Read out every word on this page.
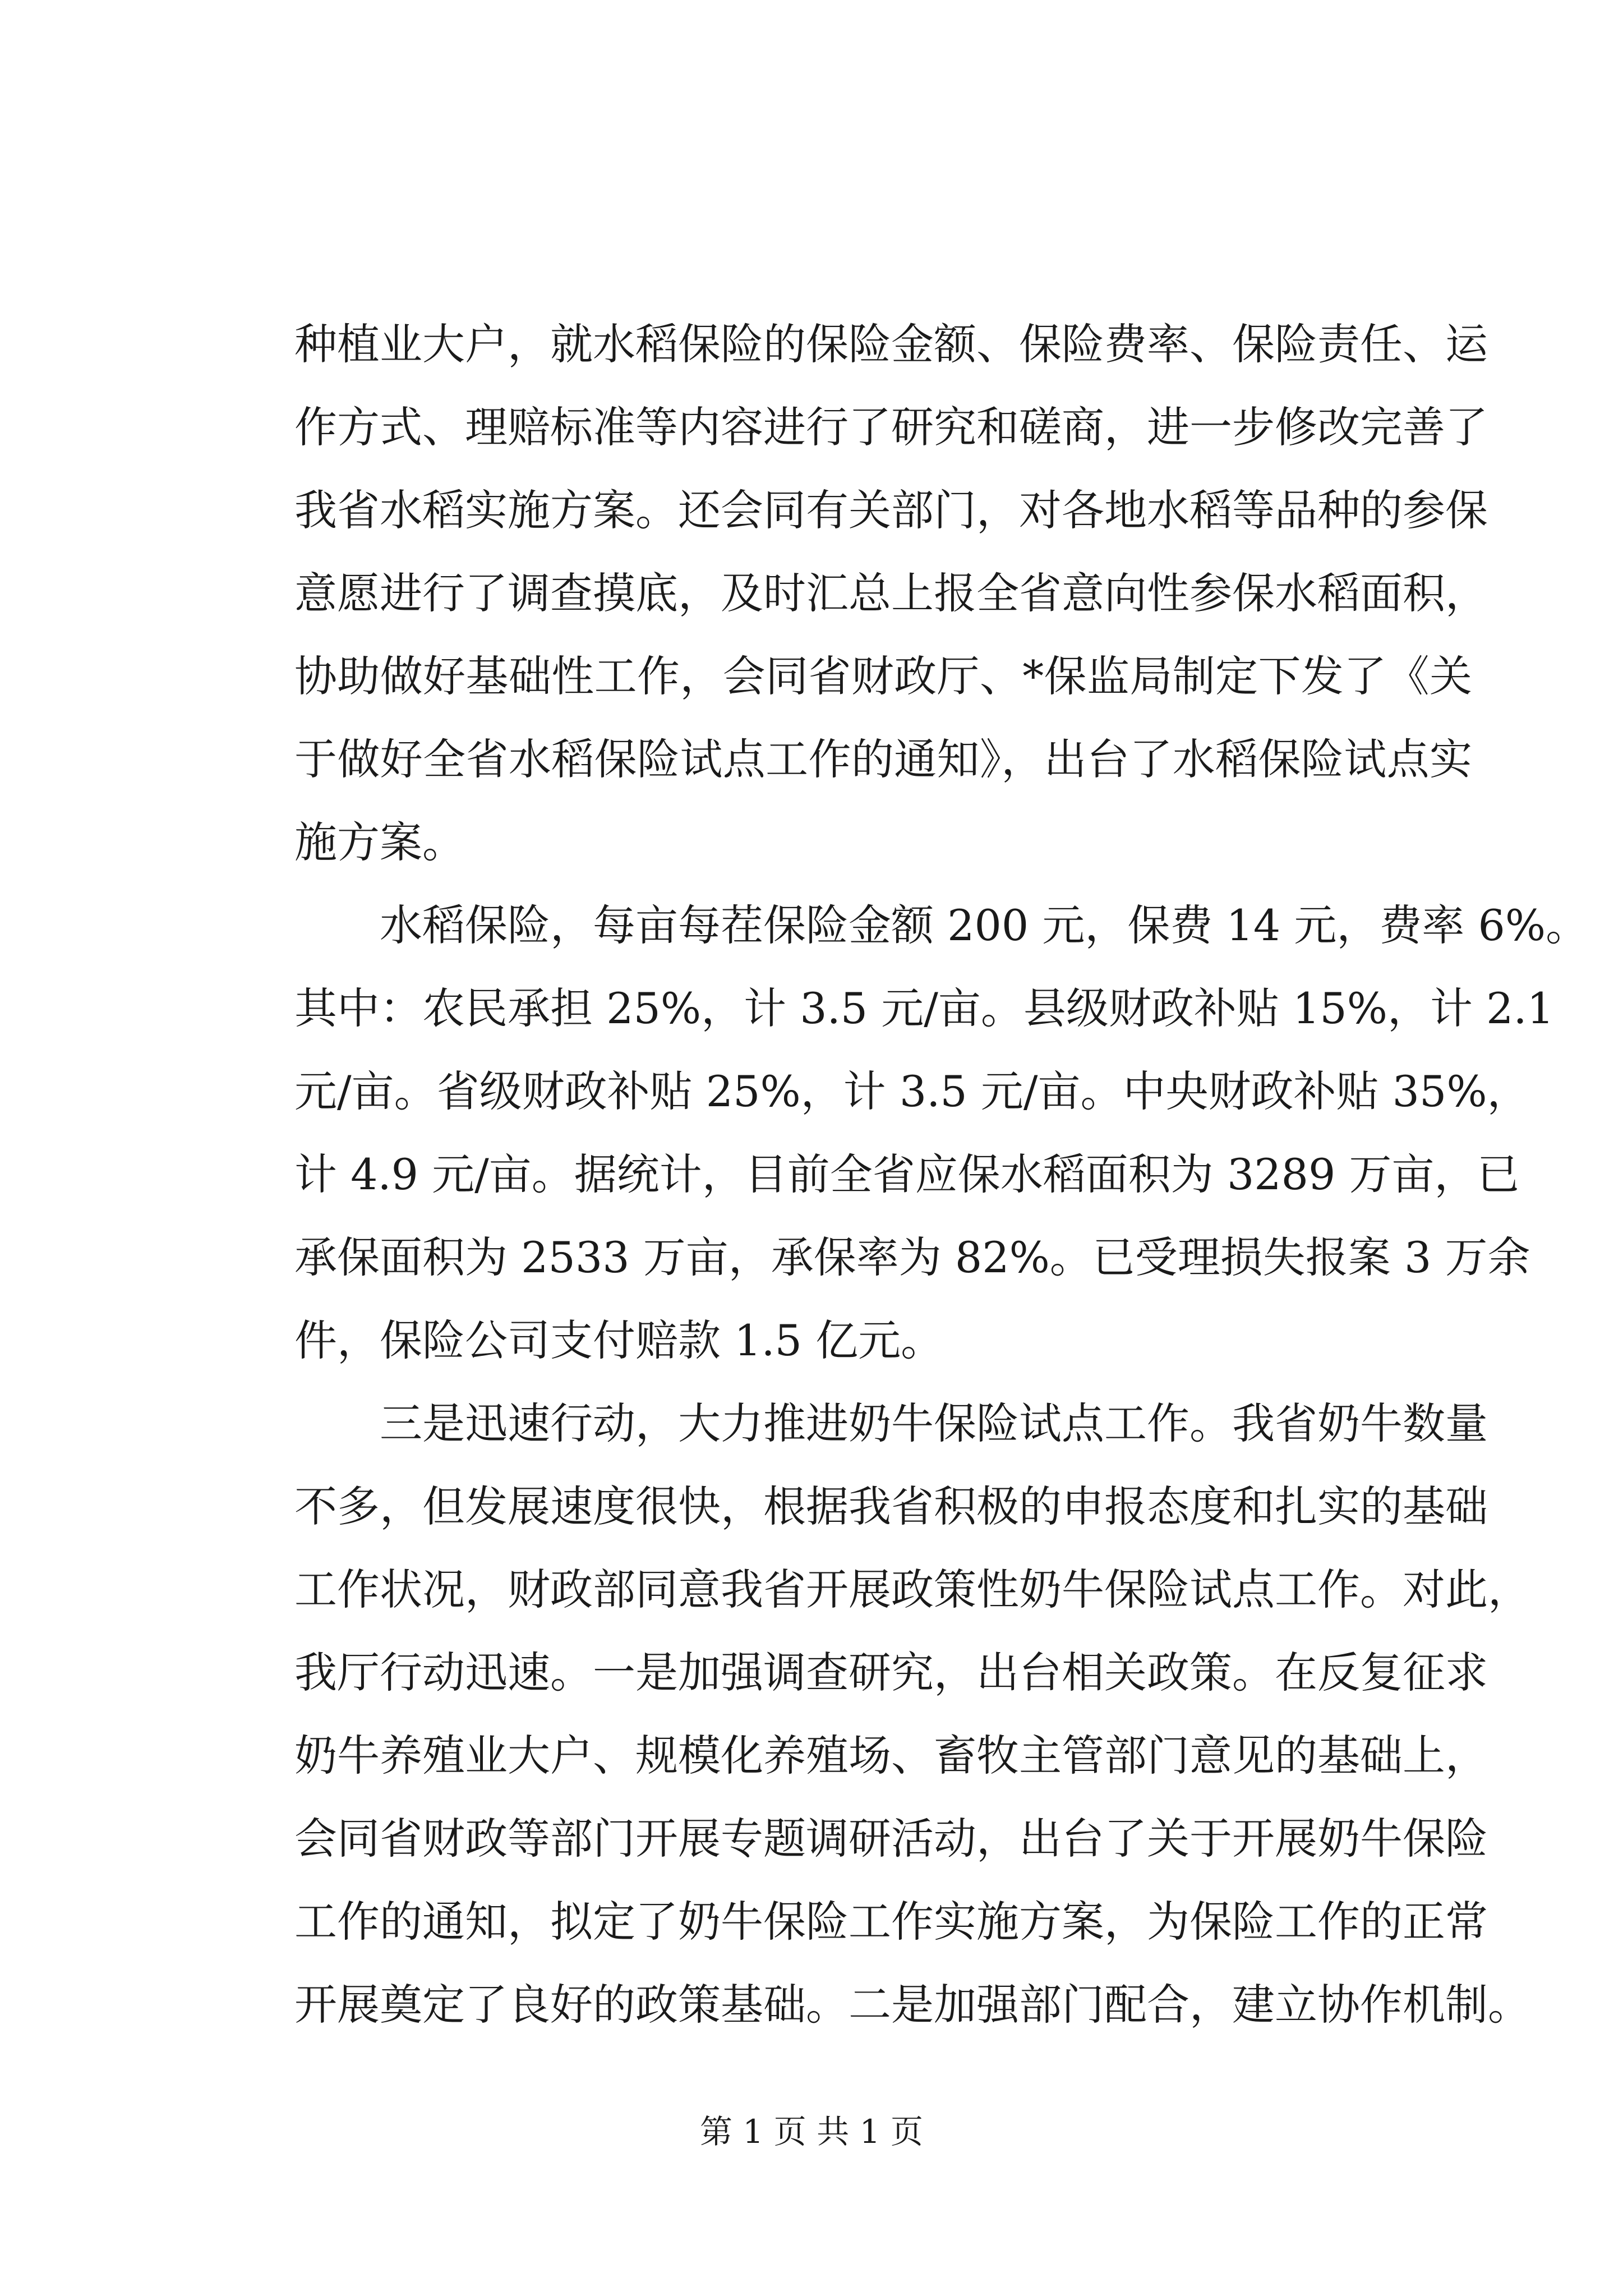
种植业大户，就水稻保险的保险金额、保险费率、保险责任、运
作方式、理赔标准等内容进行了研究和磋商，进一步修改完善了
我省水稻实施方案。还会同有关部门，对各地水稻等品种的参保
意愿进行了调查摸底，及时汇总上报全省意向性参保水稻面积，
协助做好基础性工作，会同省财政厅、*保监局制定下发了《关
于做好全省水稻保险试点工作的通知》，出台了水稻保险试点实
施方案。
水稻保险，每亩每茬保险金额 200 元，保费 14 元，费率 6%。
其中：农民承担 25%，计 3.5 元/亩。县级财政补贴 15%，计 2.1
元/亩。省级财政补贴 25%，计 3.5 元/亩。中央财政补贴 35%，
计 4.9 元/亩。据统计，目前全省应保水稻面积为 3289 万亩，已
承保面积为 2533 万亩，承保率为 82%。已受理损失报案 3 万余
件，保险公司支付赔款 1.5 亿元。
三是迅速行动，大力推进奶牛保险试点工作。我省奶牛数量
不多，但发展速度很快，根据我省积极的申报态度和扎实的基础
工作状况，财政部同意我省开展政策性奶牛保险试点工作。对此，
我厅行动迅速。一是加强调查研究，出台相关政策。在反复征求
奶牛养殖业大户、规模化养殖场、畜牧主管部门意见的基础上，
会同省财政等部门开展专题调研活动，出台了关于开展奶牛保险
工作的通知，拟定了奶牛保险工作实施方案，为保险工作的正常
开展奠定了良好的政策基础。二是加强部门配合，建立协作机制。
第 1 页 共 1 页
